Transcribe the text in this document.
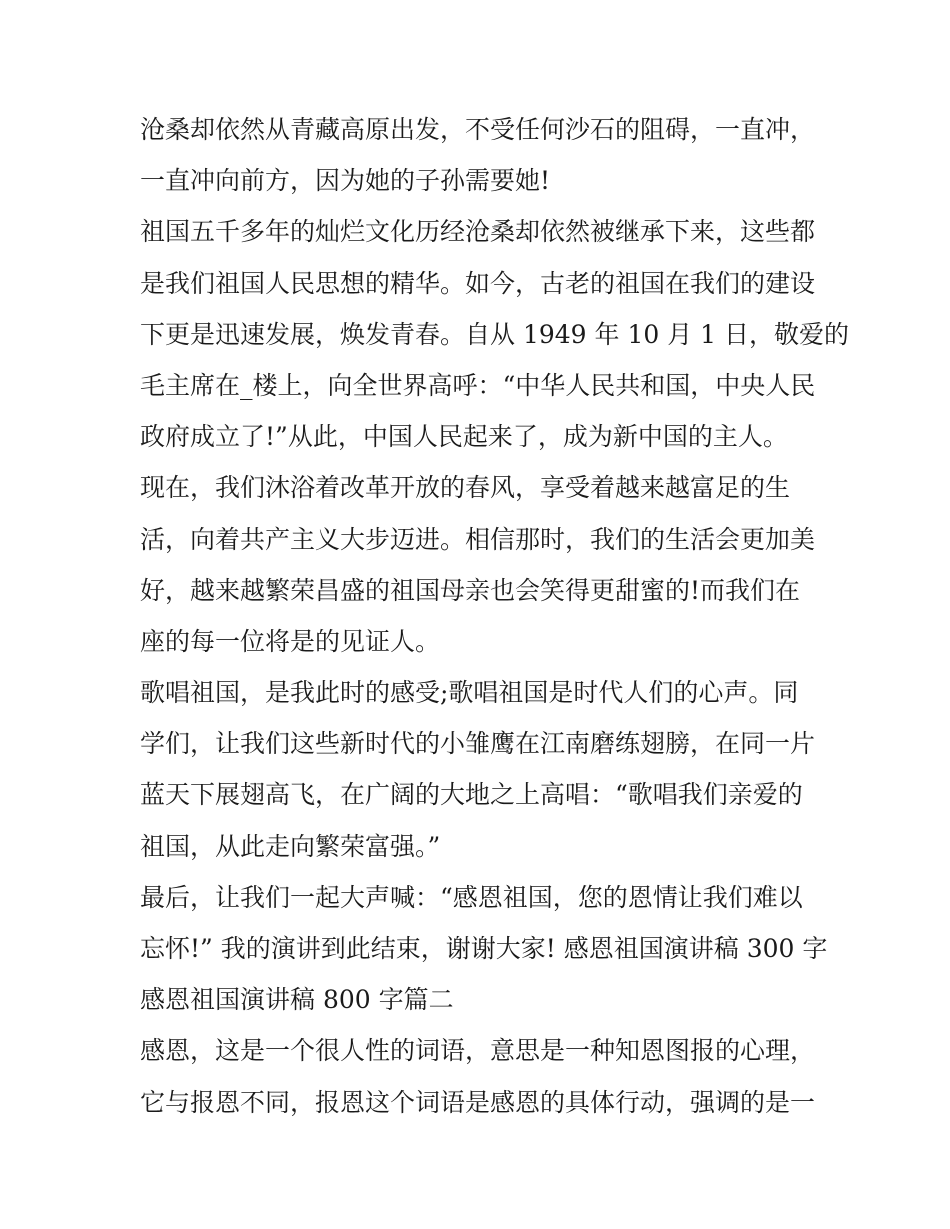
沧桑却依然从青藏高原出发，不受任何沙石的阻碍，一直冲，
一直冲向前方，因为她的子孙需要她!
祖国五千多年的灿烂文化历经沧桑却依然被继承下来，这些都
是我们祖国人民思想的精华。如今，古老的祖国在我们的建设
下更是迅速发展，焕发青春。自从 1949 年 10 月 1 日，敬爱的
毛主席在_楼上，向全世界高呼：“中华人民共和国，中央人民
政府成立了!”从此，中国人民起来了，成为新中国的主人。
现在，我们沐浴着改革开放的春风，享受着越来越富足的生
活，向着共产主义大步迈进。相信那时，我们的生活会更加美
好，越来越繁荣昌盛的祖国母亲也会笑得更甜蜜的!而我们在
座的每一位将是的见证人。
歌唱祖国，是我此时的感受;歌唱祖国是时代人们的心声。同
学们，让我们这些新时代的小雏鹰在江南磨练翅膀，在同一片
蓝天下展翅高飞，在广阔的大地之上高唱：“歌唱我们亲爱的
祖国，从此走向繁荣富强。”
最后，让我们一起大声喊：“感恩祖国，您的恩情让我们难以
忘怀!” 我的演讲到此结束，谢谢大家! 感恩祖国演讲稿 300 字
感恩祖国演讲稿 800 字篇二
感恩，这是一个很人性的词语，意思是一种知恩图报的心理，
它与报恩不同，报恩这个词语是感恩的具体行动，强调的是一
